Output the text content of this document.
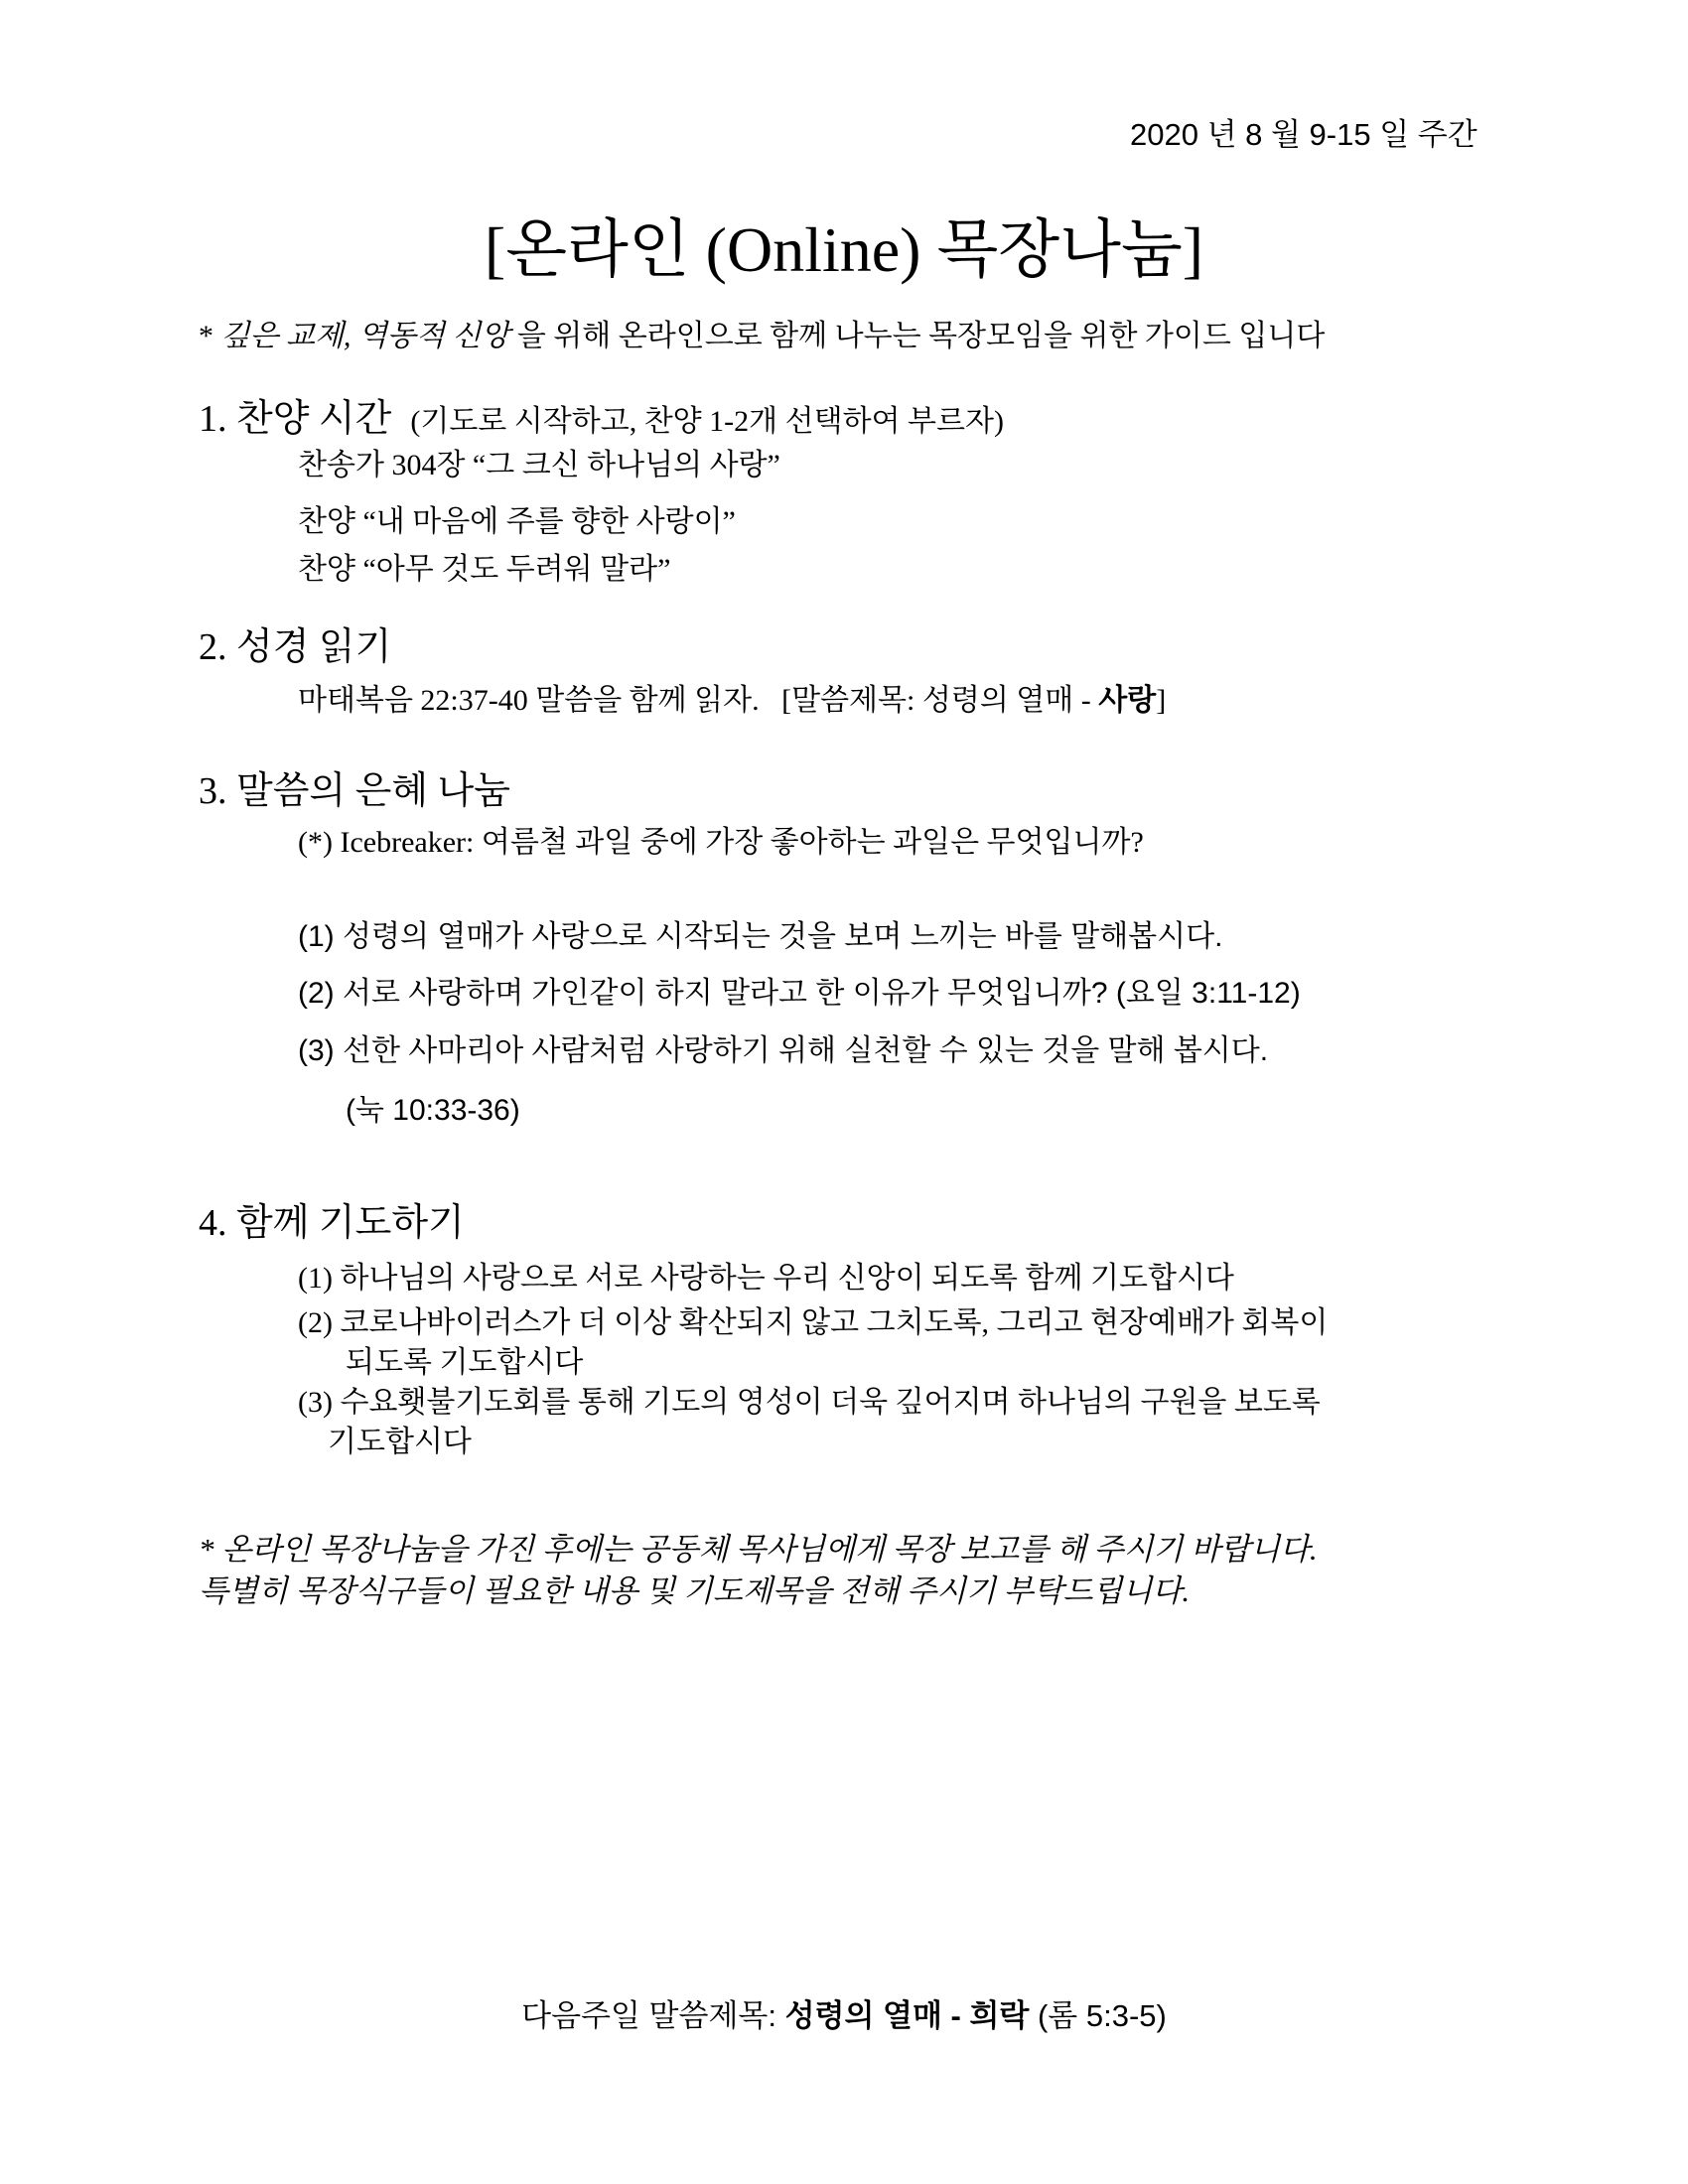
2020 년 8 월 9-15 일 주간
[온라인 (Online) 목장나눔]
* 깊은 교제, 역동적 신앙 을 위해 온라인으로 함께 나누는 목장모임을 위한 가이드 입니다
1. 찬양 시간 (기도로 시작하고, 찬양 1-2개 선택하여 부르자)
찬송가 304장 “그 크신 하나님의 사랑”
찬양 “내 마음에 주를 향한 사랑이”
찬양 “아무 것도 두려워 말라”
2. 성경 읽기
마태복음 22:37-40 말씀을 함께 읽자. [말씀제목: 성령의 열매 - 사랑]
3. 말씀의 은혜 나눔
(*) Icebreaker: 여름철 과일 중에 가장 좋아하는 과일은 무엇입니까?
(1) 성령의 열매가 사랑으로 시작되는 것을 보며 느끼는 바를 말해봅시다.
(2) 서로 사랑하며 가인같이 하지 말라고 한 이유가 무엇입니까? (요일 3:11-12)
(3) 선한 사마리아 사람처럼 사랑하기 위해 실천할 수 있는 것을 말해 봅시다.
(눅 10:33-36)
4. 함께 기도하기
(1) 하나님의 사랑으로 서로 사랑하는 우리 신앙이 되도록 함께 기도합시다
(2) 코로나바이러스가 더 이상 확산되지 않고 그치도록, 그리고 현장예배가 회복이
되도록 기도합시다
(3) 수요횃불기도회를 통해 기도의 영성이 더욱 깊어지며 하나님의 구원을 보도록
기도합시다
* 온라인 목장나눔을 가진 후에는 공동체 목사님에게 목장 보고를 해 주시기 바랍니다.
특별히 목장식구들이 필요한 내용 및 기도제목을 전해 주시기 부탁드립니다.
다음주일 말씀제목: 성령의 열매 - 희락 (롬 5:3-5)
